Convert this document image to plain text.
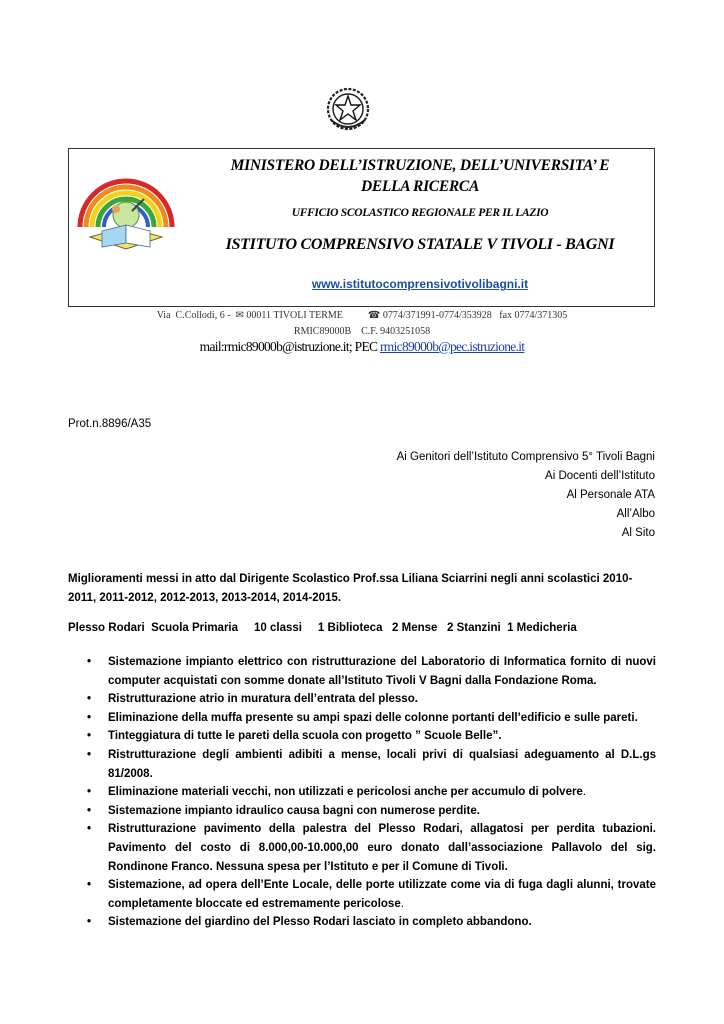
MINISTERO DELL’ISTRUZIONE, DELL’UNIVERSITA’ E
DELLA RICERCA
UFFICIO SCOLASTICO REGIONALE PER IL LAZIO
ISTITUTO COMPRENSIVO STATALE V TIVOLI - BAGNI
www.istitutocomprensivotivolibagni.it
Via  C.Collodi, 6 - ✉ 00011 TIVOLI TERME	☎ 0774/371991-0774/353928   fax 0774/371305
RMIC89000B    C.F. 9403251058
mail:rmic89000b@istruzione.it; PEC rmic89000b@pec.istruzione.it
Prot.n.8896/A35
Ai Genitori dell’Istituto Comprensivo 5° Tivoli Bagni
Ai Docenti dell’Istituto
Al Personale ATA
All’Albo
Al Sito
Miglioramenti messi in atto dal Dirigente Scolastico Prof.ssa Liliana Sciarrini negli anni scolastici 2010-2011, 2011-2012, 2012-2013, 2013-2014, 2014-2015.
Plesso Rodari  Scuola Primaria     10 classi     1 Biblioteca   2 Mense   2 Stanzini  1 Medicheria
• Sistemazione impianto elettrico con ristrutturazione del Laboratorio di Informatica fornito di nuovi computer acquistati con somme donate all’Istituto Tivoli V Bagni dalla Fondazione Roma.
• Ristrutturazione atrio in muratura dell’entrata del plesso.
• Eliminazione della muffa presente su ampi spazi delle colonne portanti dell’edificio e sulle pareti.
• Tinteggiatura di tutte le pareti della scuola con progetto ” Scuole Belle”.
• Ristrutturazione degli ambienti adibiti a mense, locali privi di qualsiasi adeguamento al D.L.gs 81/2008.
• Eliminazione materiali vecchi, non utilizzati e pericolosi anche per accumulo di polvere.
• Sistemazione impianto idraulico causa bagni con numerose perdite.
• Ristrutturazione pavimento della palestra del Plesso Rodari, allagatosi per perdita tubazioni. Pavimento del costo di 8.000,00-10.000,00 euro donato dall’associazione Pallavolo del sig. Rondinone Franco. Nessuna spesa per l’Istituto e per il Comune di Tivoli.
• Sistemazione, ad opera dell’Ente Locale, delle porte utilizzate come via di fuga dagli alunni, trovate completamente bloccate ed estremamente pericolose.
• Sistemazione del giardino del Plesso Rodari lasciato in completo abbandono.
